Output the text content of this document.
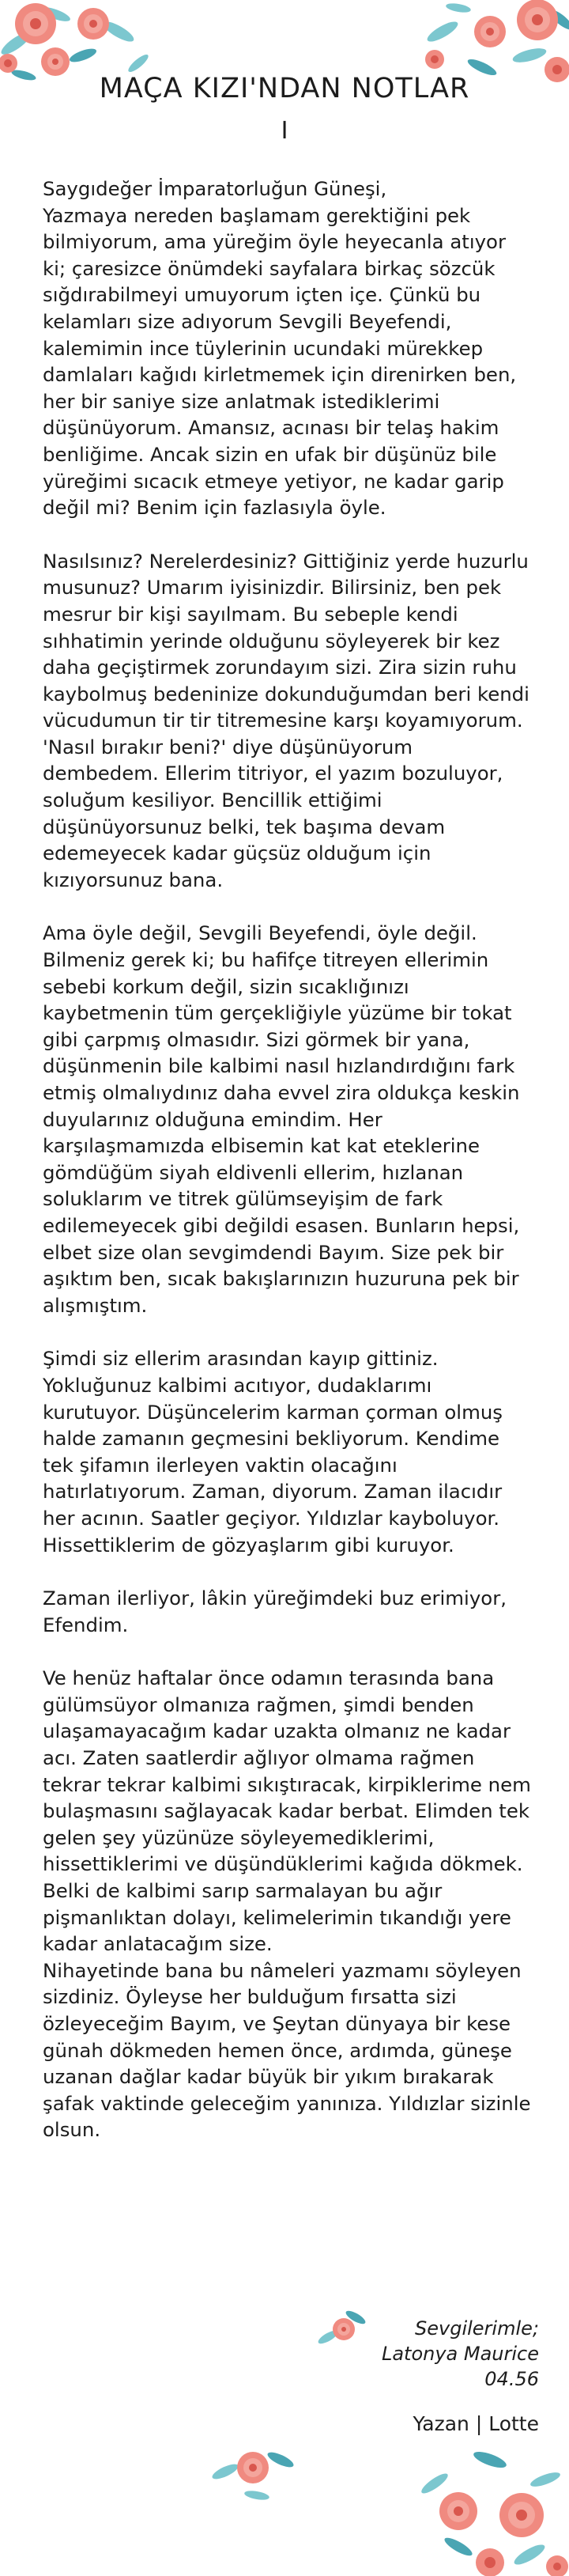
MAÇA KIZI'NDAN NOTLAR
I

Saygıdeğer İmparatorluğun Güneşi,
Yazmaya nereden başlamam gerektiğini pek bilmiyorum, ama yüreğim öyle heyecanla atıyor ki; çaresizce önümdeki sayfalara birkaç sözcük sığdırabilmeyi umuyorum içten içe. Çünkü bu kelamları size adıyorum Sevgili Beyefendi, kalemimin ince tüylerinin ucundaki mürekkep damlaları kağıdı kirletmemek için direnirken ben, her bir saniye size anlatmak istediklerimi düşünüyorum. Amansız, acınası bir telaş hakim benliğime. Ancak sizin en ufak bir düşünüz bile yüreğimi sıcacık etmeye yetiyor, ne kadar garip değil mi? Benim için fazlasıyla öyle.

Nasılsınız? Nerelerdesiniz? Gittiğiniz yerde huzurlu musunuz? Umarım iyisinizdir. Bilirsiniz, ben pek mesrur bir kişi sayılmam. Bu sebeple kendi sıhhatimin yerinde olduğunu söyleyerek bir kez daha geçiştirmek zorundayım sizi. Zira sizin ruhu kaybolmuş bedeninize dokunduğumdan beri kendi vücudumun tir tir titremesine karşı koyamıyorum. 'Nasıl bırakır beni?' diye düşünüyorum dembedem. Ellerim titriyor, el yazım bozuluyor, soluğum kesiliyor. Bencillik ettiğimi düşünüyorsunuz belki, tek başıma devam edemeyecek kadar güçsüz olduğum için kızıyorsunuz bana.

Ama öyle değil, Sevgili Beyefendi, öyle değil. Bilmeniz gerek ki; bu hafifçe titreyen ellerimin sebebi korkum değil, sizin sıcaklığınızı kaybetmenin tüm gerçekliğiyle yüzüme bir tokat gibi çarpmış olmasıdır. Sizi görmek bir yana, düşünmenin bile kalbimi nasıl hızlandırdığını fark etmiş olmalıydınız daha evvel zira oldukça keskin duyularınız olduğuna emindim. Her karşılaşmamızda elbisemin kat kat eteklerine gömdüğüm siyah eldivenli ellerim, hızlanan soluklarım ve titrek gülümseyişim de fark edilemeyecek gibi değildi esasen. Bunların hepsi, elbet size olan sevgimdendi Bayım. Size pek bir aşıktım ben, sıcak bakışlarınızın huzuruna pek bir alışmıştım.

Şimdi siz ellerim arasından kayıp gittiniz. Yokluğunuz kalbimi acıtıyor, dudaklarımı kurutuyor. Düşüncelerim karman çorman olmuş halde zamanın geçmesini bekliyorum. Kendime tek şifamın ilerleyen vaktin olacağını hatırlatıyorum. Zaman, diyorum. Zaman ilacıdır her acının. Saatler geçiyor. Yıldızlar kayboluyor. Hissettiklerim de gözyaşlarım gibi kuruyor.

Zaman ilerliyor, lâkin yüreğimdeki buz erimiyor, Efendim.

Ve henüz haftalar önce odamın terasında bana gülümsüyor olmanıza rağmen, şimdi benden ulaşamayacağım kadar uzakta olmanız ne kadar acı. Zaten saatlerdir ağlıyor olmama rağmen tekrar tekrar kalbimi sıkıştıracak, kirpiklerime nem bulaşmasını sağlayacak kadar berbat. Elimden tek gelen şey yüzünüze söyleyemediklerimi, hissettiklerimi ve düşündüklerimi kağıda dökmek. Belki de kalbimi sarıp sarmalayan bu ağır pişmanlıktan dolayı, kelimelerimin tıkandığı yere kadar anlatacağım size.
Nihayetinde bana bu nâmeleri yazmamı söyleyen sizdiniz. Öyleyse her bulduğum fırsatta sizi özleyeceğim Bayım, ve Şeytan dünyaya bir kese günah dökmeden hemen önce, ardımda, güneşe uzanan dağlar kadar büyük bir yıkım bırakarak şafak vaktinde geleceğim yanınıza. Yıldızlar sizinle olsun.

Sevgilerimle;
Latonya Maurice
04.56
Yazan | Lotte
